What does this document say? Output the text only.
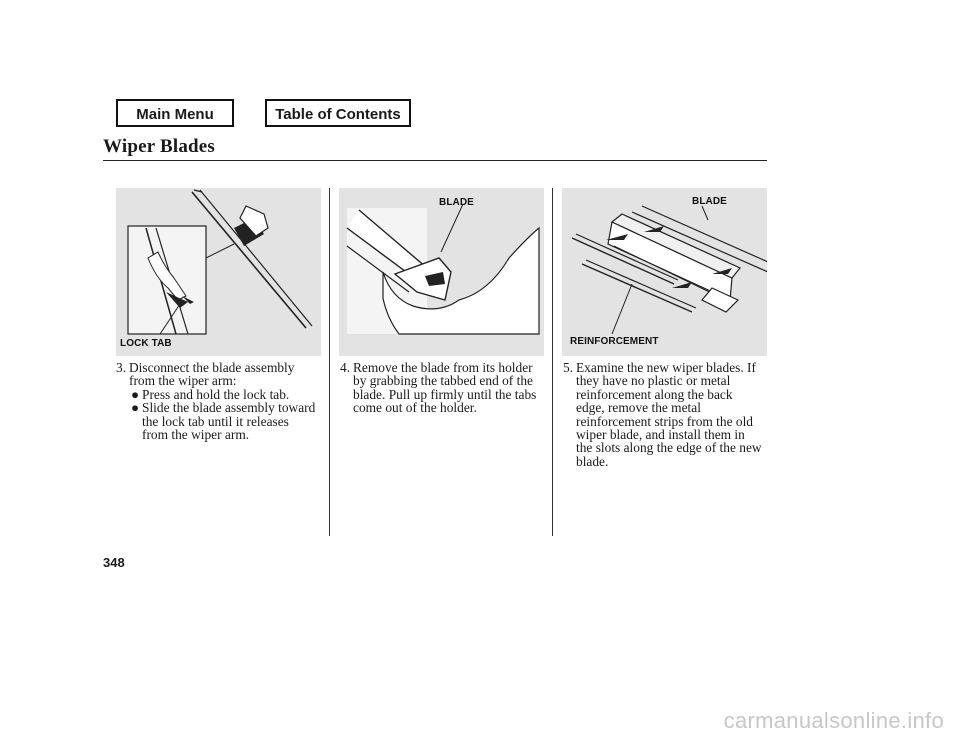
Main Menu	Table of Contents
Wiper Blades
LOCK TAB
BLADE	BLADE
REINFORCEMENT
3. Disconnect the blade assembly
from the wiper arm:
● Press and hold the lock tab.
● Slide the blade assembly toward
the lock tab until it releases
from the wiper arm.
4. Remove the blade from its holder
by grabbing the tabbed end of the
blade. Pull up firmly until the tabs
come out of the holder.
5. Examine the new wiper blades. If
they have no plastic or metal
reinforcement along the back
edge, remove the metal
reinforcement strips from the old
wiper blade, and install them in
the slots along the edge of the new
blade.
348
carmanualsonline.info
